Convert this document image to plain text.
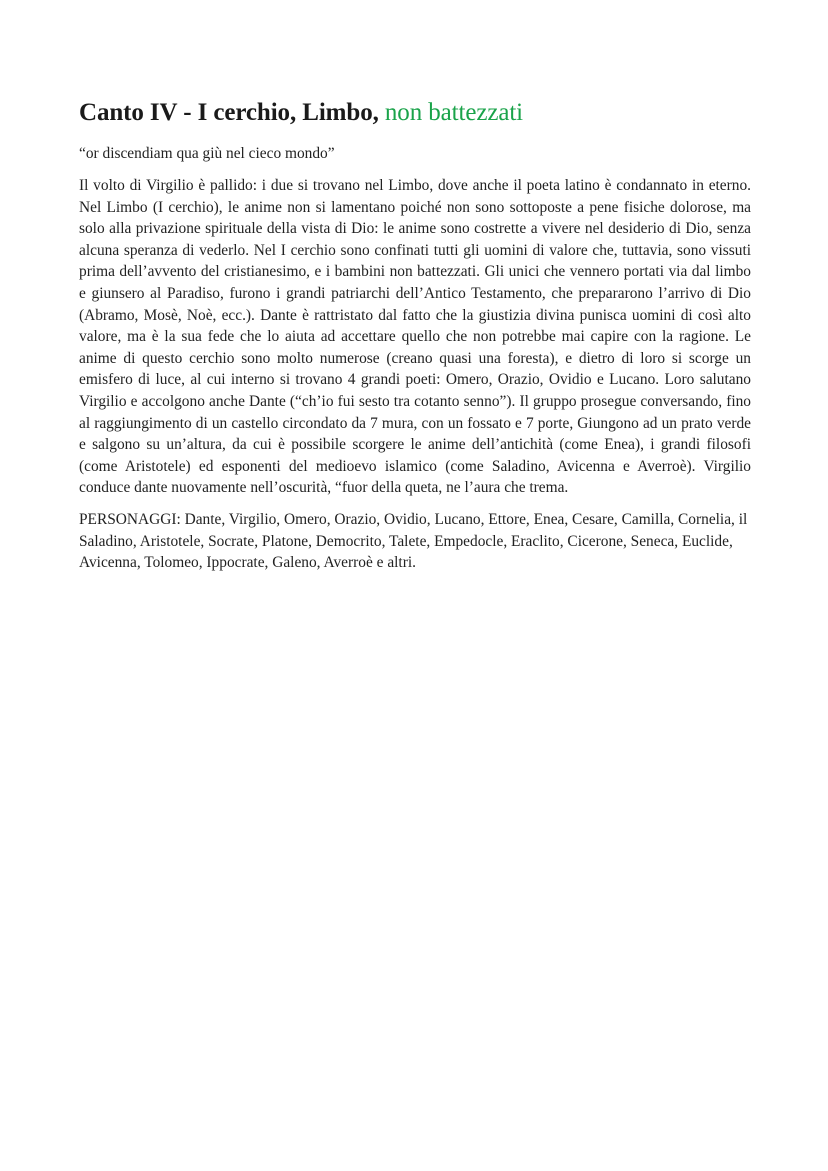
Canto IV - I cerchio, Limbo, non battezzati

“or discendiam qua giù nel cieco mondo”

Il volto di Virgilio è pallido: i due si trovano nel Limbo, dove anche il poeta latino è condannato in eterno. Nel Limbo (I cerchio), le anime non si lamentano poiché non sono sottoposte a pene fisiche dolorose, ma solo alla privazione spirituale della vista di Dio: le anime sono costrette a vivere nel desiderio di Dio, senza alcuna speranza di vederlo. Nel I cerchio sono confinati tutti gli uomini di valore che, tuttavia, sono vissuti prima dell’avvento del cristianesimo, e i bambini non battezzati. Gli unici che vennero portati via dal limbo e giunsero al Paradiso, furono i grandi patriarchi dell’Antico Testamento, che prepararono l’arrivo di Dio (Abramo, Mosè, Noè, ecc.). Dante è rattristato dal fatto che la giustizia divina punisca uomini di così alto valore, ma è la sua fede che lo aiuta ad accettare quello che non potrebbe mai capire con la ragione. Le anime di questo cerchio sono molto numerose (creano quasi una foresta), e dietro di loro si scorge un emisfero di luce, al cui interno si trovano 4 grandi poeti: Omero, Orazio, Ovidio e Lucano. Loro salutano Virgilio e accolgono anche Dante (“ch’io fui sesto tra cotanto senno”). Il gruppo prosegue conversando, fino al raggiungimento di un castello circondato da 7 mura, con un fossato e 7 porte, Giungono ad un prato verde e salgono su un’altura, da cui è possibile scorgere le anime dell’antichità (come Enea), i grandi filosofi (come Aristotele) ed esponenti del medioevo islamico (come Saladino, Avicenna e Averroè). Virgilio conduce dante nuovamente nell’oscurità, “fuor della queta, ne l’aura che trema.

PERSONAGGI: Dante, Virgilio, Omero, Orazio, Ovidio, Lucano, Ettore, Enea, Cesare, Camilla, Cornelia, il Saladino, Aristotele, Socrate, Platone, Democrito, Talete, Empedocle, Eraclito, Cicerone, Seneca, Euclide, Avicenna, Tolomeo, Ippocrate, Galeno, Averroè e altri.
